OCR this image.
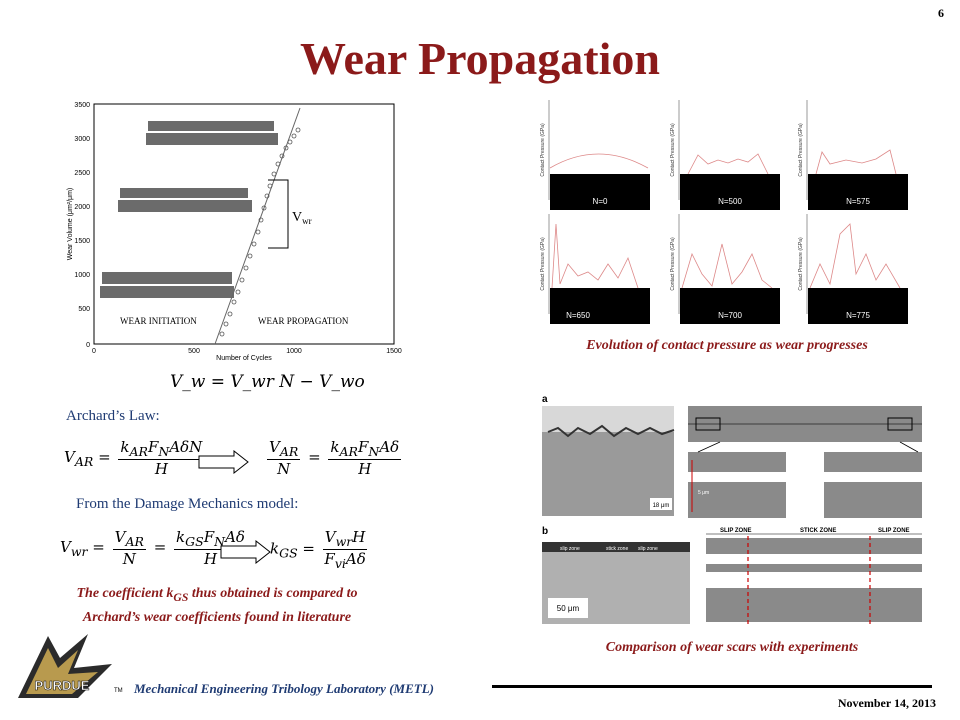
6
Wear Propagation
3500
3000
2500
2000
1500
1000
500
0
0	500	1000	1500
Number of Cycles
Wear Volume (μm²/μm)	$V_{wr}$
WEAR INITIATION	WEAR PROPAGATION
V_w = V_wr N − V_wo
Archard’s Law:
$V_{AR} = \frac{k_{AR}F_NA\delta N}{H}$	$\frac{V_{AR}}{N} = \frac{k_{AR}F_NA\delta}{H}$
From the Damage Mechanics model:
$V_{wr} = \frac{V_{AR}}{N} = \frac{k_{GS}F_NA\delta}{H} k_{GS} = \frac{V_{wr}H}{F_{vi}A\delta}$
The coefficient $k_{GS}$ thus obtained is compared to
Archard’s wear coefficients found in literature
N=0
Contact Pressure (GPa)
N=500
Contact Pressure (GPa)
N=575
Contact Pressure (GPa)
N=650
Contact Pressure (GPa)
N=700
Contact Pressure (GPa)
N=775
Contact Pressure (GPa)
Evolution of contact pressure as wear progresses
a
18 μm
5 μm
b
slip zone	stick zone slip zone
50 μm
SLIP ZONE	STICK ZONE	SLIP ZONE
Comparison of wear scars with experiments
PURDUE	TM Mechanical Engineering Tribology Laboratory (METL)
November 14, 2013
